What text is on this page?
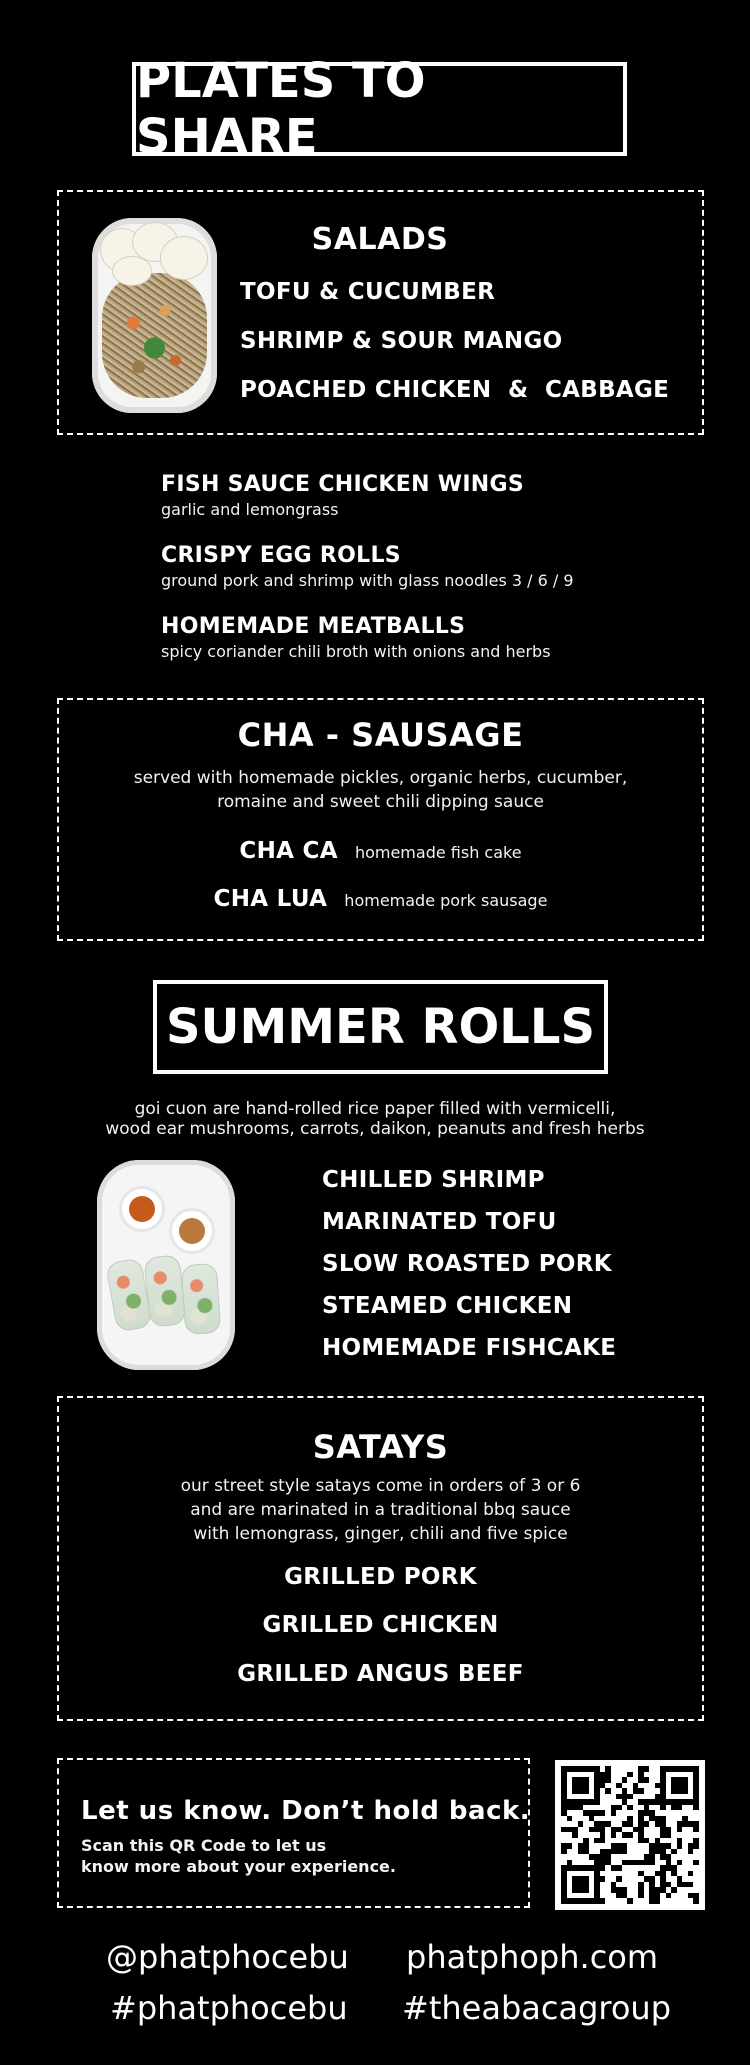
PLATES TO SHARE
SALADS
TOFU & CUCUMBER
SHRIMP & SOUR MANGO
POACHED CHICKEN  &  CABBAGE
FISH SAUCE CHICKEN WINGS
garlic and lemongrass
CRISPY EGG ROLLS
ground pork and shrimp with glass noodles 3 / 6 / 9
HOMEMADE MEATBALLS
spicy coriander chili broth with onions and herbs
CHA - SAUSAGE
served with homemade pickles, organic herbs, cucumber,
romaine and sweet chili dipping sauce
CHA CA homemade fish cake
CHA LUA homemade pork sausage
SUMMER ROLLS
goi cuon are hand-rolled rice paper filled with vermicelli,
wood ear mushrooms, carrots, daikon, peanuts and fresh herbs
CHILLED SHRIMP
MARINATED TOFU
SLOW ROASTED PORK
STEAMED CHICKEN
HOMEMADE FISHCAKE
SATAYS
our street style satays come in orders of 3 or 6
and are marinated in a traditional bbq sauce
with lemongrass, ginger, chili and five spice
GRILLED PORK
GRILLED CHICKEN
GRILLED ANGUS BEEF
Let us know. Don’t hold back.
Scan this QR Code to let us
know more about your experience.
@phatphocebu phatphoph.com
#phatphocebu #theabacagroup
